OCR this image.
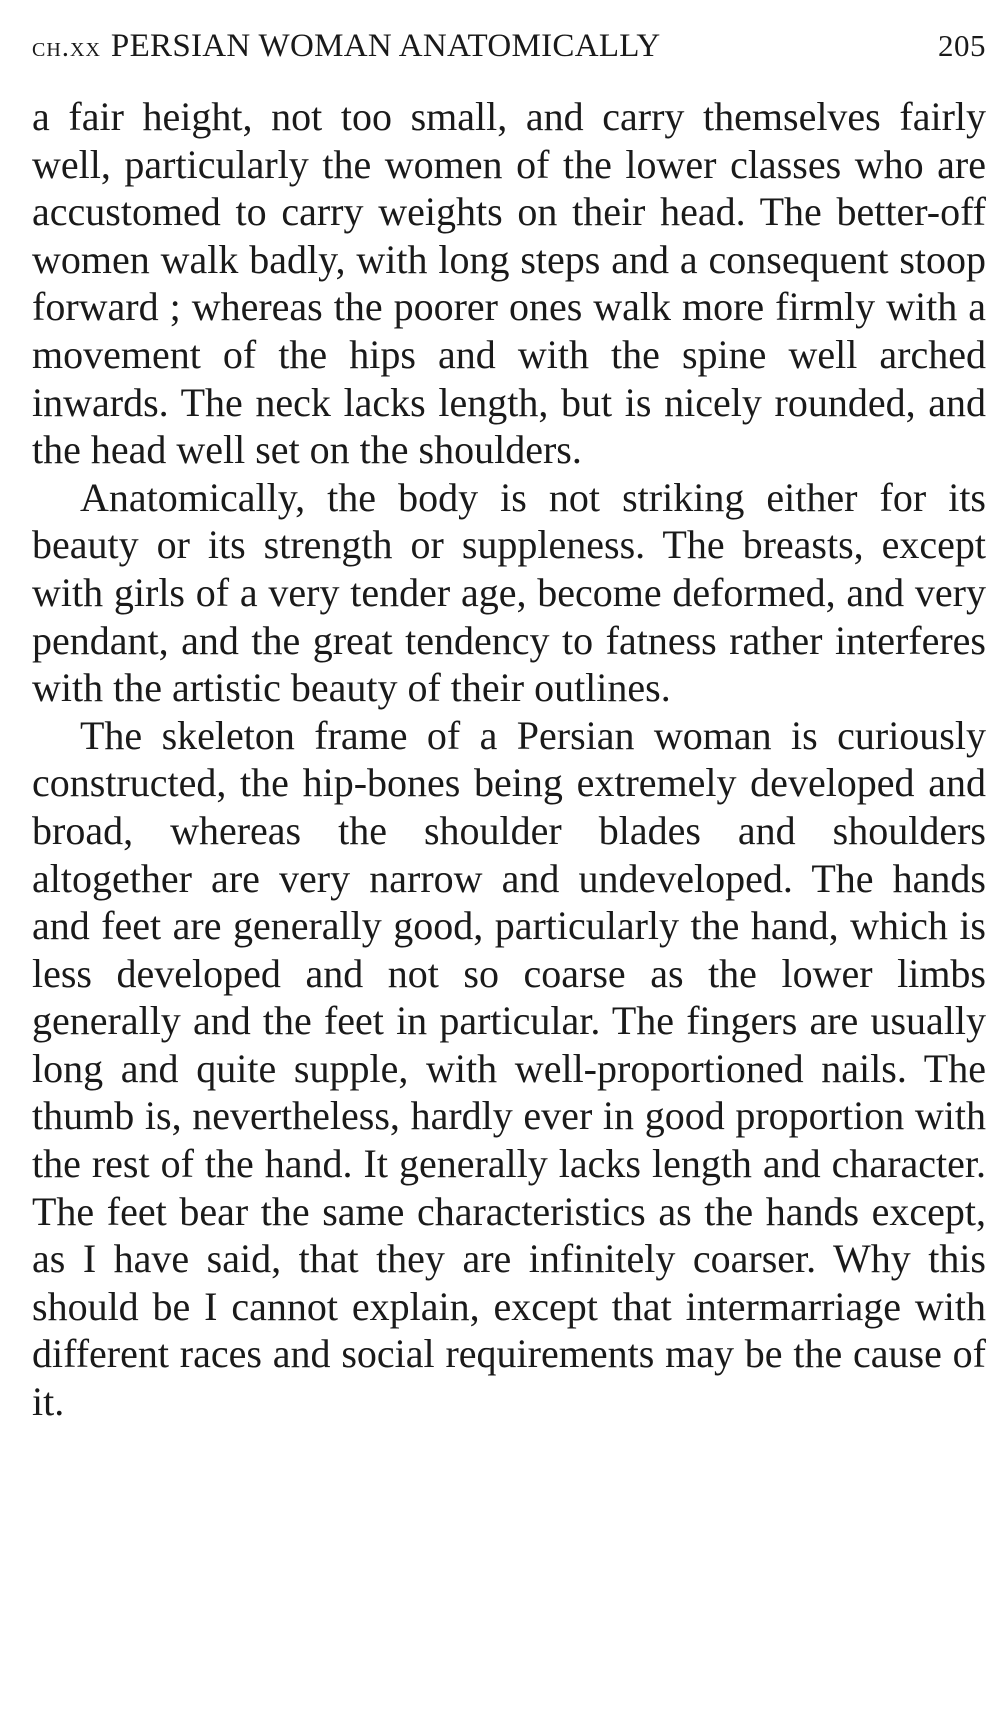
ch.xx PERSIAN WOMAN ANATOMICALLY	205

a fair height, not too small, and carry themselves fairly well, particularly the women of the lower classes who are accustomed to carry weights on their head. The better-off women walk badly, with long steps and a consequent stoop forward ; whereas the poorer ones walk more firmly with a movement of the hips and with the spine well arched inwards. The neck lacks length, but is nicely rounded, and the head well set on the shoulders.

Anatomically, the body is not striking either for its beauty or its strength or suppleness. The breasts, except with girls of a very tender age, become deformed, and very pendant, and the great tendency to fatness rather interferes with the artistic beauty of their outlines.

The skeleton frame of a Persian woman is curiously constructed, the hip-bones being extremely developed and broad, whereas the shoulder blades and shoulders altogether are very narrow and undeveloped. The hands and feet are generally good, particularly the hand, which is less developed and not so coarse as the lower limbs generally and the feet in particular. The fingers are usually long and quite supple, with well-proportioned nails. The thumb is, nevertheless, hardly ever in good proportion with the rest of the hand. It generally lacks length and character. The feet bear the same characteristics as the hands except, as I have said, that they are infinitely coarser. Why this should be I cannot explain, except that intermarriage with different races and social requirements may be the cause of it.
